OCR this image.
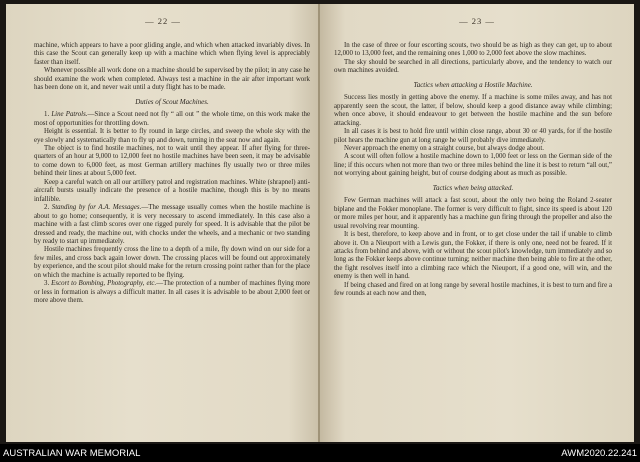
— 22 —

machine, which appears to have a poor gliding angle, and which when attacked invariably dives. In this case the Scout can generally keep up with a machine which when flying level is appreciably faster than itself.

Whenever possible all work done on a machine should be supervised by the pilot; in any case he should examine the work when completed. Always test a machine in the air after important work has been done on it, and never wait until a duty flight has to be made.

Duties of Scout Machines.

1. Line Patrols.—Since a Scout need not fly “ all out ” the whole time, on this work make the most of opportunities for throttling down.

Height is essential. It is better to fly round in large circles, and sweep the whole sky with the eye slowly and systematically than to fly up and down, turning in the seat now and again.

The object is to find hostile machines, not to wait until they appear. If after flying for three-quarters of an hour at 9,000 to 12,000 feet no hostile machines have been seen, it may be advisable to come down to 6,000 feet, as most German artillery machines fly usually two or three miles behind their lines at about 5,000 feet.

Keep a careful watch on all our artillery patrol and registration machines. White (shrapnel) anti-aircraft bursts usually indicate the presence of a hostile machine, though this is by no means infallible.

2. Standing by for A.A. Messages.—The message usually comes when the hostile machine is about to go home; consequently, it is very necessary to ascend immediately. In this case also a machine with a fast climb scores over one rigged purely for speed. It is advisable that the pilot be dressed and ready, the machine out, with chocks under the wheels, and a mechanic or two standing by ready to start up immediately.

Hostile machines frequently cross the line to a depth of a mile, fly down wind on our side for a few miles, and cross back again lower down. The crossing places will be found out approximately by experience, and the scout pilot should make for the return crossing point rather than for the place on which the machine is actually reported to be flying.

3. Escort to Bombing, Photography, etc.—The protection of a number of machines flying more or less in formation is always a difficult matter. In all cases it is advisable to be about 2,000 feet or more above them.

— 23 —

In the case of three or four escorting scouts, two should be as high as they can get, up to about 12,000 to 13,000 feet, and the remaining ones 1,000 to 2,000 feet above the slow machines.

The sky should be searched in all directions, particularly above, and the tendency to watch our own machines avoided.

Tactics when attacking a Hostile Machine.

Success lies mostly in getting above the enemy. If a machine is some miles away, and has not apparently seen the scout, the latter, if below, should keep a good distance away while climbing; when once above, it should endeavour to get between the hostile machine and the sun before attacking.

In all cases it is best to hold fire until within close range, about 30 or 40 yards, for if the hostile pilot hears the machine gun at long range he will probably dive immediately.

Never approach the enemy on a straight course, but always dodge about.

A scout will often follow a hostile machine down to 1,000 feet or less on the German side of the line; if this occurs when not more than two or three miles behind the line it is best to return “all out,” not worrying about gaining height, but of course dodging about as much as possible.

Tactics when being attacked.

Few German machines will attack a fast scout, about the only two being the Roland 2-seater biplane and the Fokker monoplane. The former is very difficult to fight, since its speed is about 120 or more miles per hour, and it apparently has a machine gun firing through the propeller and also the usual revolving rear mounting.

It is best, therefore, to keep above and in front, or to get close under the tail if unable to climb above it. On a Nieuport with a Lewis gun, the Fokker, if there is only one, need not be feared. If it attacks from behind and above, with or without the scout pilot's knowledge, turn immediately and so long as the Fokker keeps above continue turning; neither machine then being able to fire at the other, the fight resolves itself into a climbing race which the Nieuport, if a good one, will win, and the enemy is then well in hand.

If being chased and fired on at long range by several hostile machines, it is best to turn and fire a few rounds at each now and then,

AUSTRALIAN WAR MEMORIAL	AWM2020.22.241
